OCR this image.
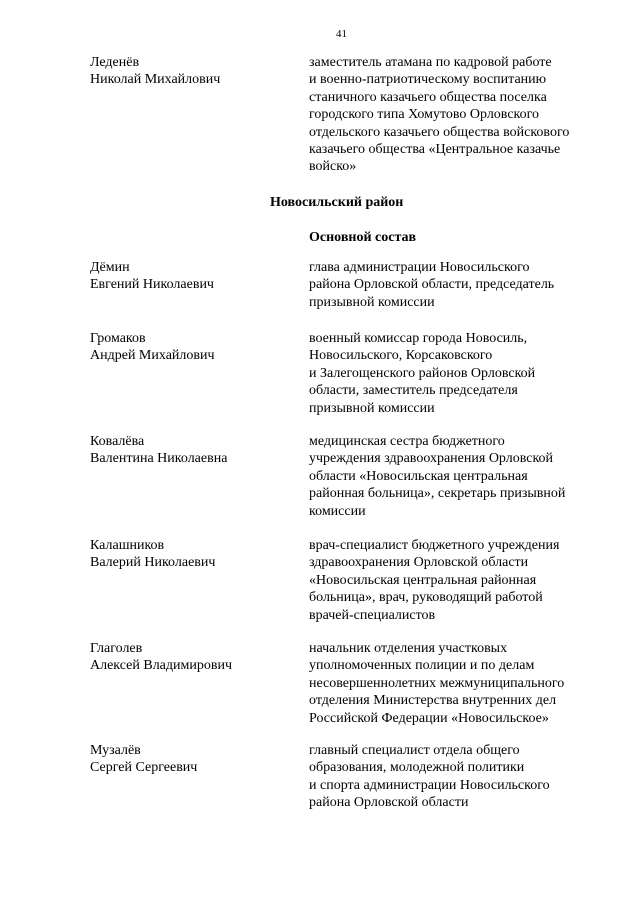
41
Леденёв
Николай Михайлович
заместитель атамана по кадровой работе
и военно-патриотическому воспитанию
станичного казачьего общества поселка
городского типа Хомутово Орловского
отдельского казачьего общества войскового
казачьего общества «Центральное казачье
войско»
Новосильский район
Основной состав
Дёмин
Евгений Николаевич
глава администрации Новосильского
района Орловской области, председатель
призывной комиссии
Громаков
Андрей Михайлович
военный комиссар города Новосиль,
Новосильского, Корсаковского
и Залегощенского районов Орловской
области, заместитель председателя
призывной комиссии
Ковалёва
Валентина Николаевна
медицинская сестра бюджетного
учреждения здравоохранения Орловской
области «Новосильская центральная
районная больница», секретарь призывной
комиссии
Калашников
Валерий Николаевич
врач-специалист бюджетного учреждения
здравоохранения Орловской области
«Новосильская центральная районная
больница», врач, руководящий работой
врачей-специалистов
Глаголев
Алексей Владимирович
начальник отделения участковых
уполномоченных полиции и по делам
несовершеннолетних межмуниципального
отделения Министерства внутренних дел
Российской Федерации «Новосильское»
Музалёв
Сергей Сергеевич
главный специалист отдела общего
образования, молодежной политики
и спорта администрации Новосильского
района Орловской области
